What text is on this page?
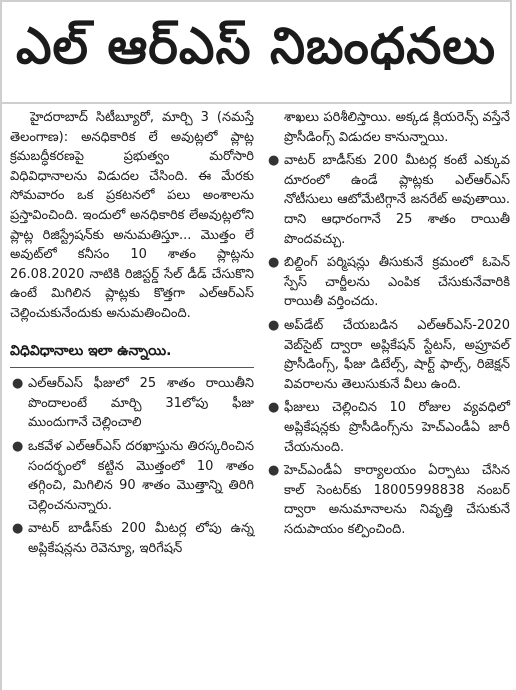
ఎల్ ఆర్ఎస్ నిబంధనలు

హైదరాబాద్ సిటీబ్యూరో, మార్చి 3 (నమస్తే తెలంగాణ): అనధికారిక లే అవుట్లలో ప్లాట్ల క్రమబద్ధీకరణపై ప్రభుత్వం మరోసారి విధివిధానాలను విడుదల చేసింది. ఈ మేరకు సోమవారం ఒక ప్రకటనలో పలు అంశాలను ప్రస్తావించింది. ఇందులో అనధికారిక లేఅవుట్లలోని ప్లాట్ల రిజిస్ట్రేషన్‌కు అనుమతిస్తూ... మొత్తం లే అవుట్‌లో కనీసం 10 శాతం ప్లాట్లను 26.08.2020 నాటికి రిజిస్టర్డ్ సేల్ డీడ్ చేసుకొని ఉంటే మిగిలిన ప్లాట్లకు కొత్తగా ఎల్ఆర్ఎస్ చెల్లించుకునేందుకు అనుమతించింది.

విధివిధానాలు ఇలా ఉన్నాయి.
● ఎల్ఆర్ఎస్ ఫీజులో 25 శాతం రాయితీని పొందాలంటే మార్చి 31లోపు ఫీజు ముందుగానే చెల్లించాలి
● ఒకవేళ ఎల్ఆర్ఎస్ దరఖాస్తును తిరస్కరించిన సందర్భంలో కట్టిన మొత్తంలో 10 శాతం తగ్గించి, మిగిలిన 90 శాతం మొత్తాన్ని తిరిగి చెల్లించనున్నారు.
● వాటర్ బాడీస్‌కు 200 మీటర్ల లోపు ఉన్న అప్లికేషన్లను రెవెన్యూ, ఇరిగేషన్

శాఖలు పరిశీలిస్తాయి. అక్కడ క్లియరెన్స్ వస్తేనే ప్రొసీడింగ్స్ విడుదల కానున్నాయి.

● వాటర్ బాడీస్‌కు 200 మీటర్ల కంటే ఎక్కువ దూరంలో ఉండే ప్లాట్లకు ఎల్ఆర్ఎస్ నోటీసులు ఆటోమేటిగ్గానే జనరేట్ అవుతాయి. దాని ఆధారంగానే 25 శాతం రాయితీ పొందవచ్చు.
● బిల్డింగ్ పర్మిషన్లు తీసుకునే క్రమంలో ఓపెన్ స్పేస్ చార్జీలను ఎంపిక చేసుకునేవారికి రాయితీ వర్తించదు.
● అప్‌డేట్ చేయబడిన ఎల్ఆర్ఎస్-2020 వెబ్‌సైట్ ద్వారా అప్లికేషన్ స్టేటస్, అప్రూవల్ ప్రొసీడింగ్స్, ఫీజు డిటేల్స్, షార్ట్ ఫాల్స్, రిజెక్షన్ వివరాలను తెలుసుకునే వీలు ఉంది.
● ఫీజులు చెల్లించిన 10 రోజుల వ్యవధిలో అప్లికేషన్లకు ప్రొసీడింగ్స్‌ను హెచ్ఎండీఏ జారీ చేయనుంది.
● హెచ్ఎండీఏ కార్యాలయం ఏర్పాటు చేసిన కాల్ సెంటర్‌కు 18005998838 నంబర్ ద్వారా అనుమానాలను నివృత్తి చేసుకునే సదుపాయం కల్పించింది.
